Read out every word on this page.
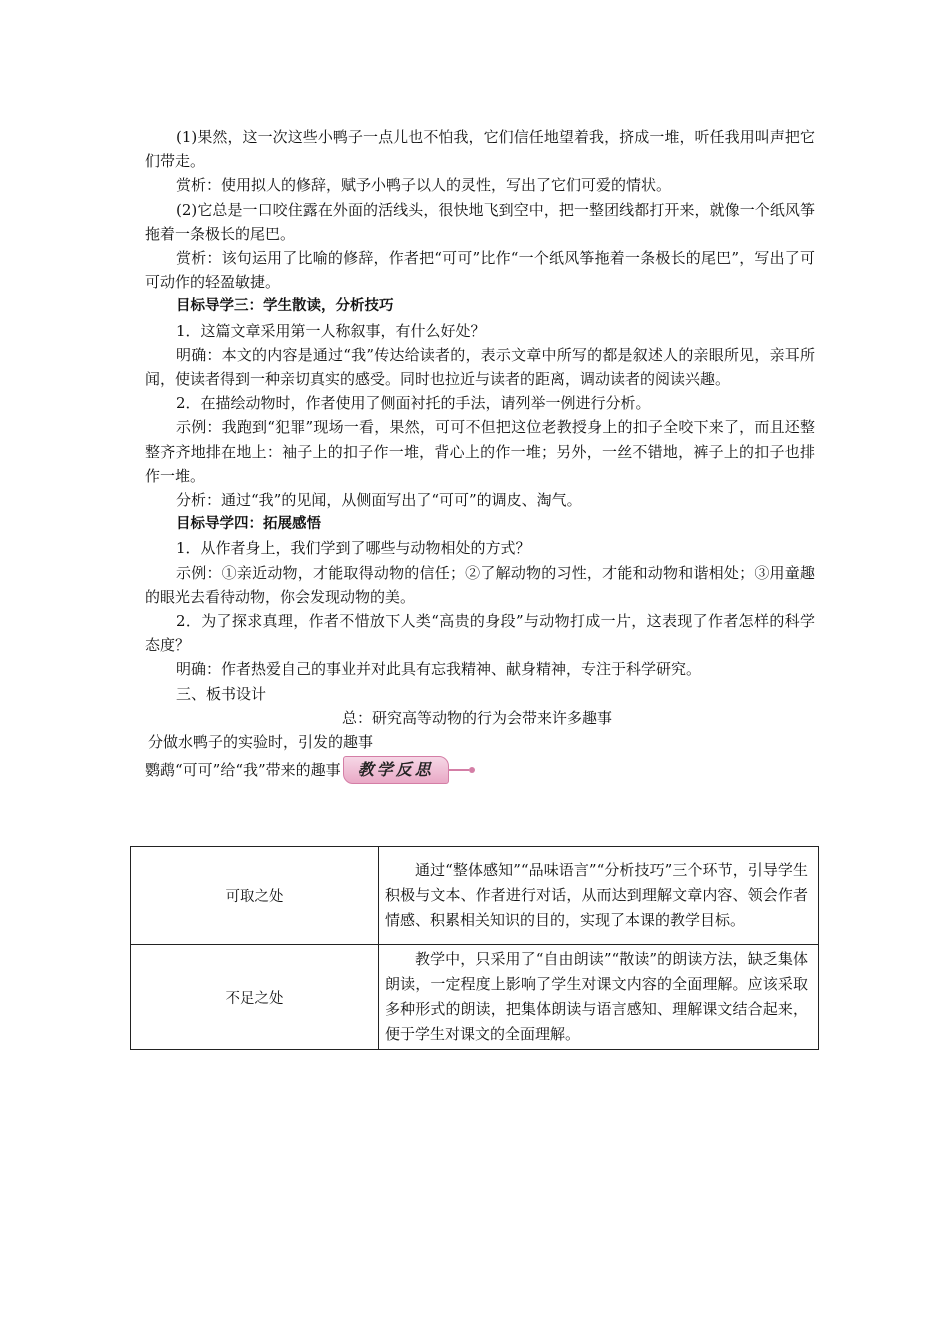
(1)果然，这一次这些小鸭子一点儿也不怕我，它们信任地望着我，挤成一堆，听任我用叫声把它们带走。

赏析：使用拟人的修辞，赋予小鸭子以人的灵性，写出了它们可爱的情状。

(2)它总是一口咬住露在外面的活线头，很快地飞到空中，把一整团线都打开来，就像一个纸风筝拖着一条极长的尾巴。

赏析：该句运用了比喻的修辞，作者把“可可”比作“一个纸风筝拖着一条极长的尾巴”，写出了可可动作的轻盈敏捷。

目标导学三：学生散读，分析技巧

1．这篇文章采用第一人称叙事，有什么好处？

明确：本文的内容是通过“我”传达给读者的，表示文章中所写的都是叙述人的亲眼所见，亲耳所闻，使读者得到一种亲切真实的感受。同时也拉近与读者的距离，调动读者的阅读兴趣。

2．在描绘动物时，作者使用了侧面衬托的手法，请列举一例进行分析。

示例：我跑到“犯罪”现场一看，果然，可可不但把这位老教授身上的扣子全咬下来了，而且还整整齐齐地排在地上：袖子上的扣子作一堆，背心上的作一堆；另外，一丝不错地，裤子上的扣子也排作一堆。

分析：通过“我”的见闻，从侧面写出了“可可”的调皮、淘气。

目标导学四：拓展感悟

1．从作者身上，我们学到了哪些与动物相处的方式？

示例：①亲近动物，才能取得动物的信任；②了解动物的习性，才能和动物和谐相处；③用童趣的眼光去看待动物，你会发现动物的美。

2．为了探求真理，作者不惜放下人类“高贵的身段”与动物打成一片，这表现了作者怎样的科学态度？

明确：作者热爱自己的事业并对此具有忘我精神、献身精神，专注于科学研究。

三、板书设计

总：研究高等动物的行为会带来许多趣事

分做水鸭子的实验时，引发的趣事

鹦鹉“可可”给“我”带来的趣事	教学反思
可取之处	通过“整体感知”“品味语言”“分析技巧”三个环节，引导学生积极与文本、作者进行对话，从而达到理解文章内容、领会作者情感、积累相关知识的目的，实现了本课的教学目标。
不足之处	教学中，只采用了“自由朗读”“散读”的朗读方法，缺乏集体朗读，一定程度上影响了学生对课文内容的全面理解。应该采取多种形式的朗读，把集体朗读与语言感知、理解课文结合起来，便于学生对课文的全面理解。
